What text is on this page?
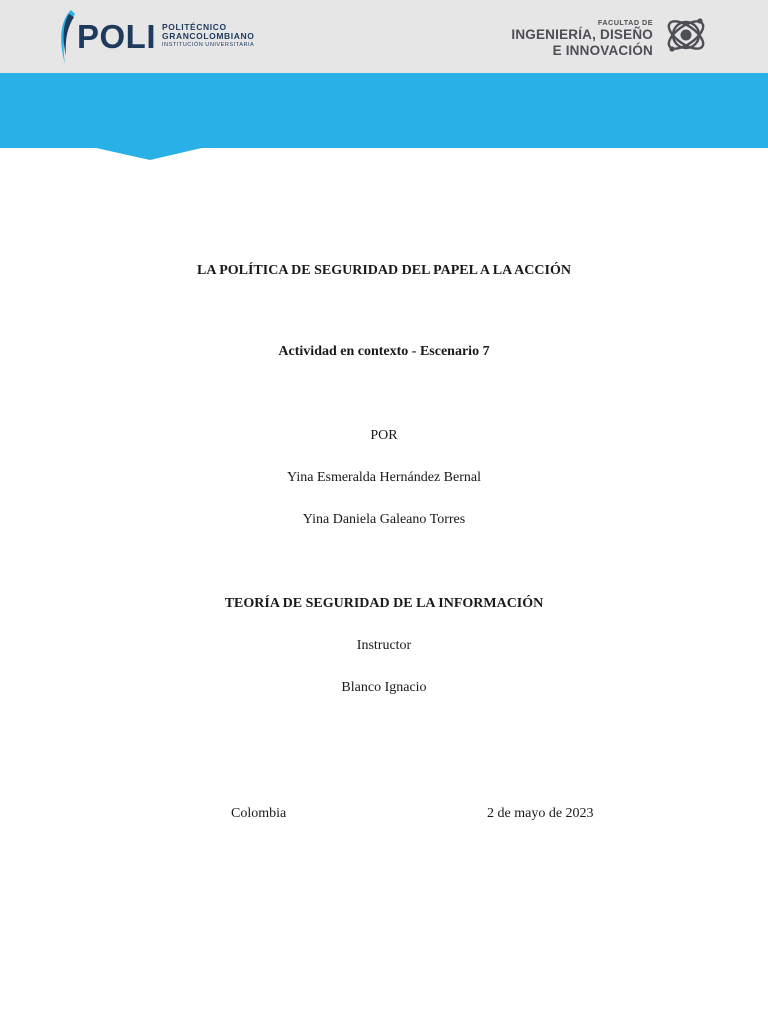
POLI POLITÉCNICO
GRANCOLOMBIANO
INSTITUCIÓN UNIVERSITARIA
FACULTAD DE
INGENIERÍA, DISEÑO
E INNOVACIÓN
LA POLÍTICA DE SEGURIDAD DEL PAPEL A LA ACCIÓN
Actividad en contexto - Escenario 7
POR
Yina Esmeralda Hernández Bernal
Yina Daniela Galeano Torres
TEORÍA DE SEGURIDAD DE LA INFORMACIÓN
Instructor
Blanco Ignacio
Colombia	2 de mayo de 2023
